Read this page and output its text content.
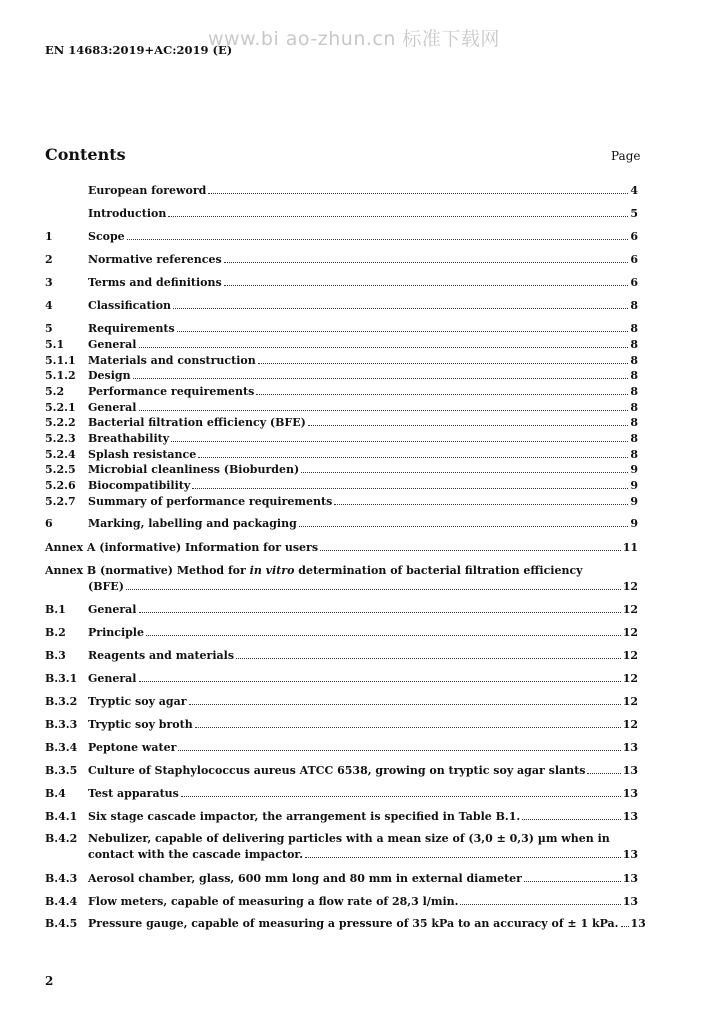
www.bi ao-zhun.cn 标准下载网
EN 14683:2019+AC:2019 (E)
Contents	Page
European foreword	4
Introduction	5
1	Scope	6
2	Normative references	6
3	Terms and definitions	6
4	Classification	8
5	Requirements	8
5.1	General	8
5.1.1	Materials and construction	8
5.1.2	Design	8
5.2	Performance requirements	8
5.2.1	General	8
5.2.2	Bacterial filtration efficiency (BFE)	8
5.2.3	Breathability	8
5.2.4	Splash resistance	8
5.2.5	Microbial cleanliness (Bioburden)	9
5.2.6	Biocompatibility	9
5.2.7	Summary of performance requirements	9
6	Marking, labelling and packaging	9
Annex A (informative) Information for users	11
Annex B (normative) Method for in vitro determination of bacterial filtration efficiency
(BFE)	12
B.1	General	12
B.2	Principle	12
B.3	Reagents and materials	12
B.3.1 General	12
B.3.2 Tryptic soy agar	12
B.3.3 Tryptic soy broth	12
B.3.4 Peptone water	13
B.3.5 Culture of Staphylococcus aureus ATCC 6538, growing on tryptic soy agar slants	13
B.4	Test apparatus	13
B.4.1 Six stage cascade impactor, the arrangement is specified in Table B.1.	13
B.4.2 Nebulizer, capable of delivering particles with a mean size of (3,0 ± 0,3) µm when in
contact with the cascade impactor.	13
B.4.3 Aerosol chamber, glass, 600 mm long and 80 mm in external diameter	13
B.4.4 Flow meters, capable of measuring a flow rate of 28,3 l/min.	13
B.4.5 Pressure gauge, capable of measuring a pressure of 35 kPa to an accuracy of ± 1 kPa. 13
2
